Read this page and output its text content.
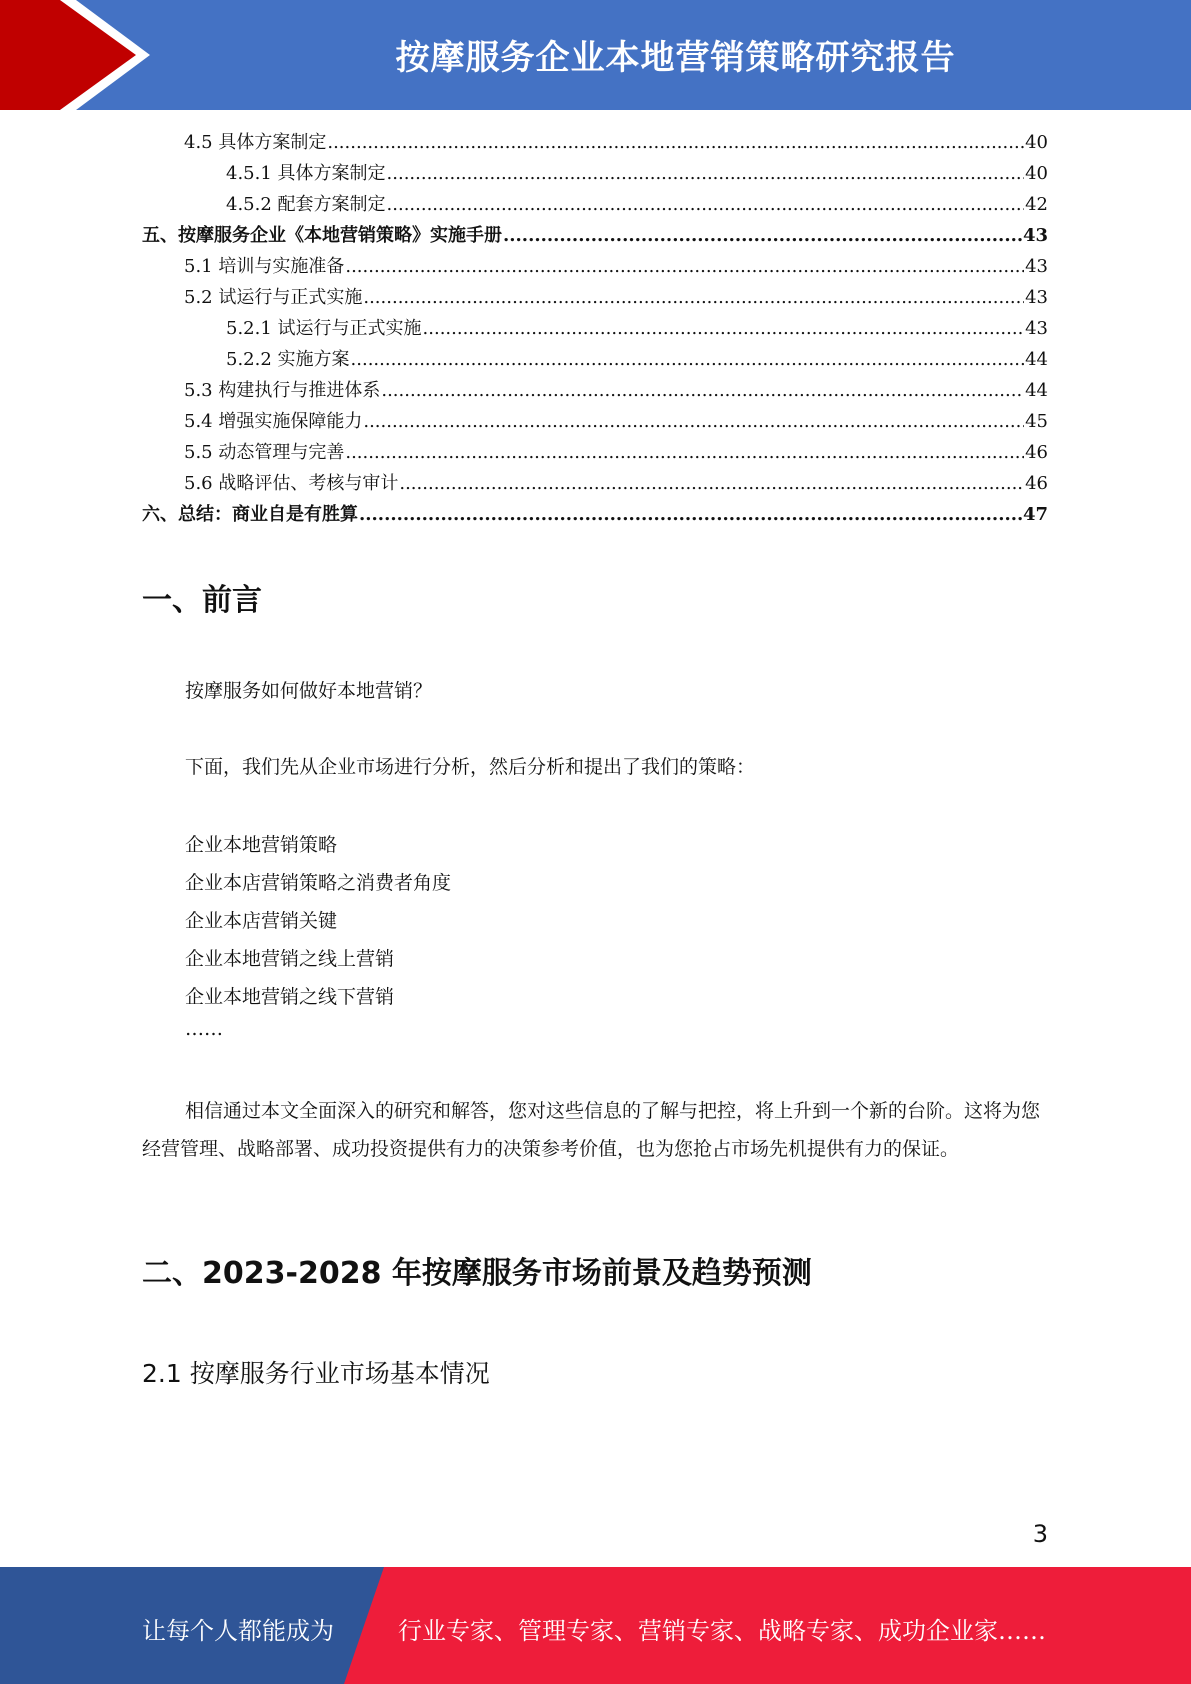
按摩服务企业本地营销策略研究报告
4.5 具体方案制定 .....	40
4.5.1 具体方案制定 .....	40
4.5.2 配套方案制定 .....	42
五、按摩服务企业《本地营销策略》实施手册 .....	43
5.1 培训与实施准备 .....	43
5.2 试运行与正式实施 .....	43
5.2.1 试运行与正式实施 .....	43
5.2.2 实施方案 .....	44
5.3 构建执行与推进体系 .....	44
5.4 增强实施保障能力 .....	45
5.5 动态管理与完善 .....	46
5.6 战略评估、考核与审计 .....	46
六、总结：商业自是有胜算 .....	47
一、前言
按摩服务如何做好本地营销？
下面，我们先从企业市场进行分析，然后分析和提出了我们的策略：
企业本地营销策略
企业本店营销策略之消费者角度
企业本店营销关键
企业本地营销之线上营销
企业本地营销之线下营销
……
相信通过本文全面深入的研究和解答，您对这些信息的了解与把控，将上升到一个新的台阶。这将为您经营管理、战略部署、成功投资提供有力的决策参考价值，也为您抢占市场先机提供有力的保证。
二、2023-2028 年按摩服务市场前景及趋势预测
2.1 按摩服务行业市场基本情况
3
让每个人都能成为	行业专家、管理专家、营销专家、战略专家、成功企业家……
